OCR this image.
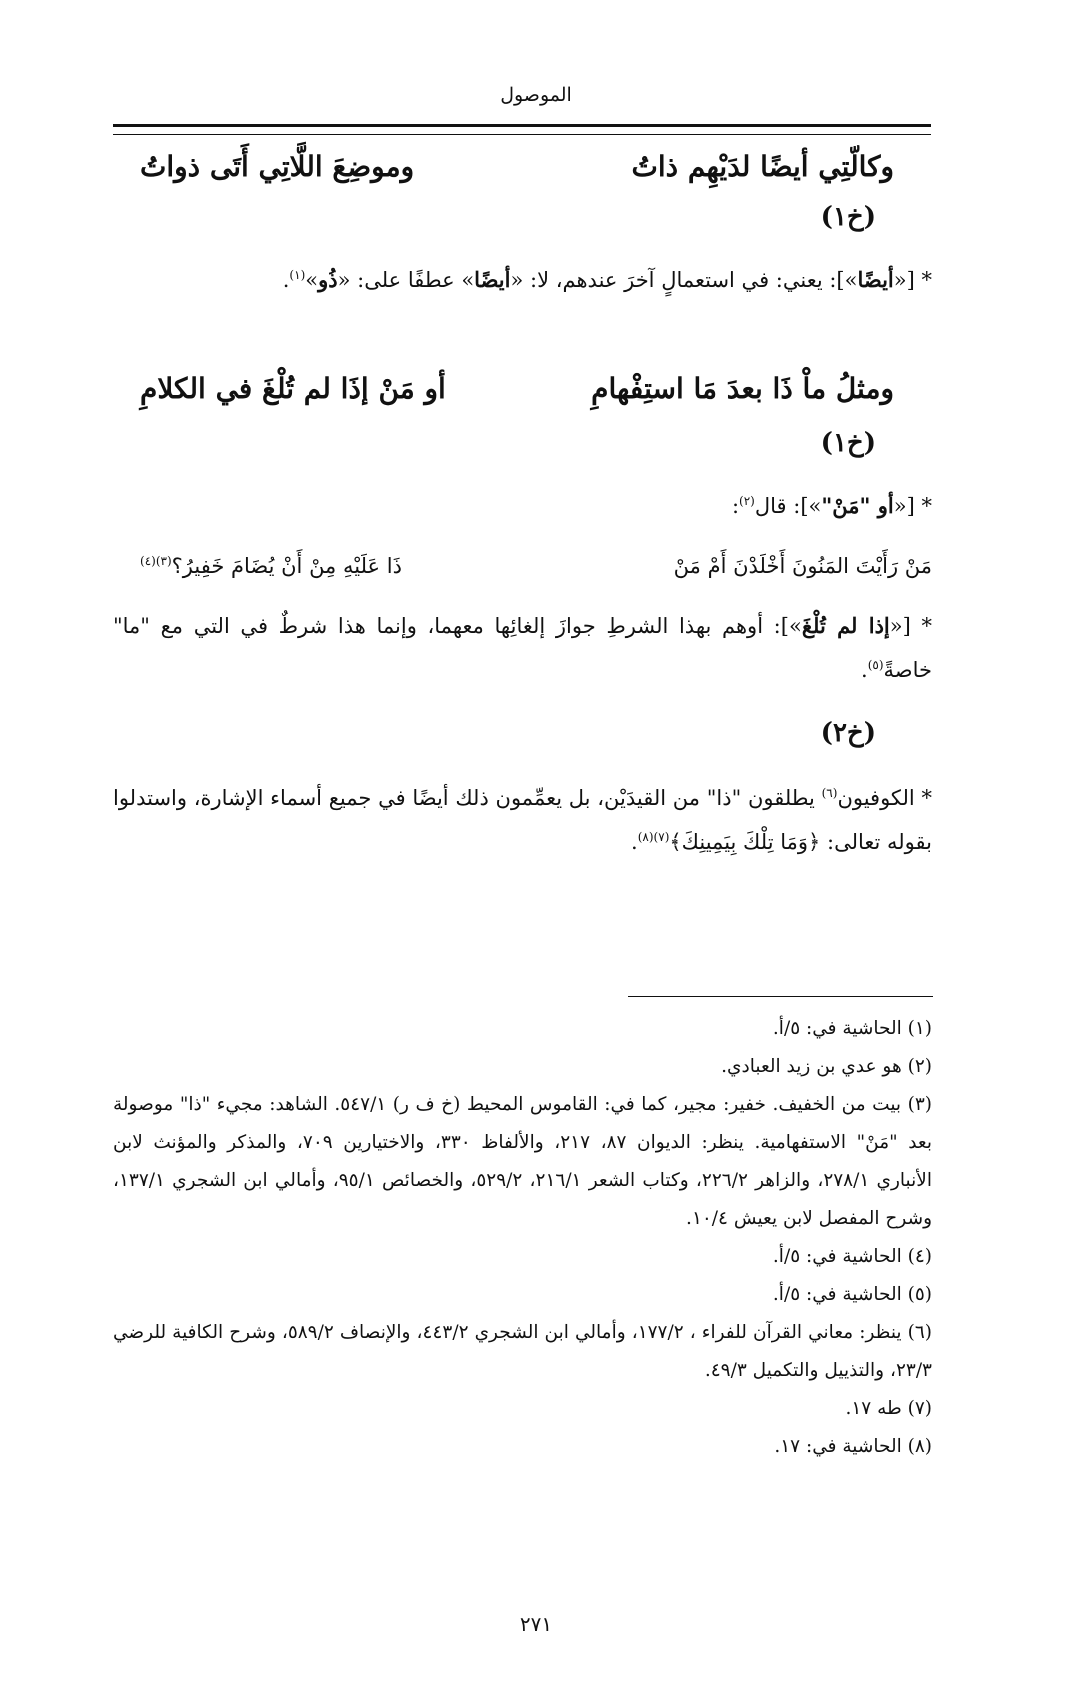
الموصول
وكالّتِي أيضًا لدَيْهِم ذاتُ
وموضِعَ اللَّاتِي أَتَى ذواتُ
(خ١)
* [«أيضًا»]: يعني: في استعمالٍ آخرَ عندهم، لا: «أيضًا» عطفًا على: «ذُو»$^{(١)}$.
ومثلُ ماْ ذَا بعدَ مَا استِفْهامِ
أو مَنْ إذَا لم تُلْغَ في الكلامِ
(خ١)
* [«أو "مَنْ"»]: قال$^{(٢)}$:
مَنْ رَأَيْتَ المَنُونَ أَخْلَدْنَ أَمْ مَنْ
ذَا عَلَيْهِ مِنْ أَنْ يُضَامَ خَفِيرُ؟$^{(٣)(٤)}$
* [«إذا لم تُلْغَ»]: أوهم بهذا الشرطِ جوازَ إلغائِها معهما، وإنما هذا شرطٌ في التي مع "ما" خاصةً$^{(٥)}$.
(خ٢)
* الكوفيون$^{(٦)}$ يطلقون "ذا" من القيدَيْن، بل يعمِّمون ذلك أيضًا في جميع أسماء الإشارة، واستدلوا بقوله تعالى: ﴿وَمَا تِلْكَ بِيَمِينِكَ﴾$^{(٧)(٨)}$.
(١) الحاشية في: ٥/أ.
(٢) هو عدي بن زيد العبادي.
(٣) بيت من الخفيف. خفير: مجير، كما في: القاموس المحيط (خ ف ر) ٥٤٧/١. الشاهد: مجيء "ذا" موصولة بعد "مَنْ" الاستفهامية. ينظر: الديوان ٨٧، ٢١٧، والألفاظ ٣٣٠، والاختيارين ٧٠٩، والمذكر والمؤنث لابن الأنباري ٢٧٨/١، والزاهر ٢٢٦/٢، وكتاب الشعر ٢١٦/١، ٥٢٩/٢، والخصائص ٩٥/١، وأمالي ابن الشجري ١٣٧/١، وشرح المفصل لابن يعيش ١٠/٤.
(٤) الحاشية في: ٥/أ.
(٥) الحاشية في: ٥/أ.
(٦) ينظر: معاني القرآن للفراء ، ١٧٧/٢، وأمالي ابن الشجري ٤٤٣/٢، والإنصاف ٥٨٩/٢، وشرح الكافية للرضي ٢٣/٣، والتذييل والتكميل ٤٩/٣.
(٧) طه ١٧.
(٨) الحاشية في: ١٧.
٢٧١
